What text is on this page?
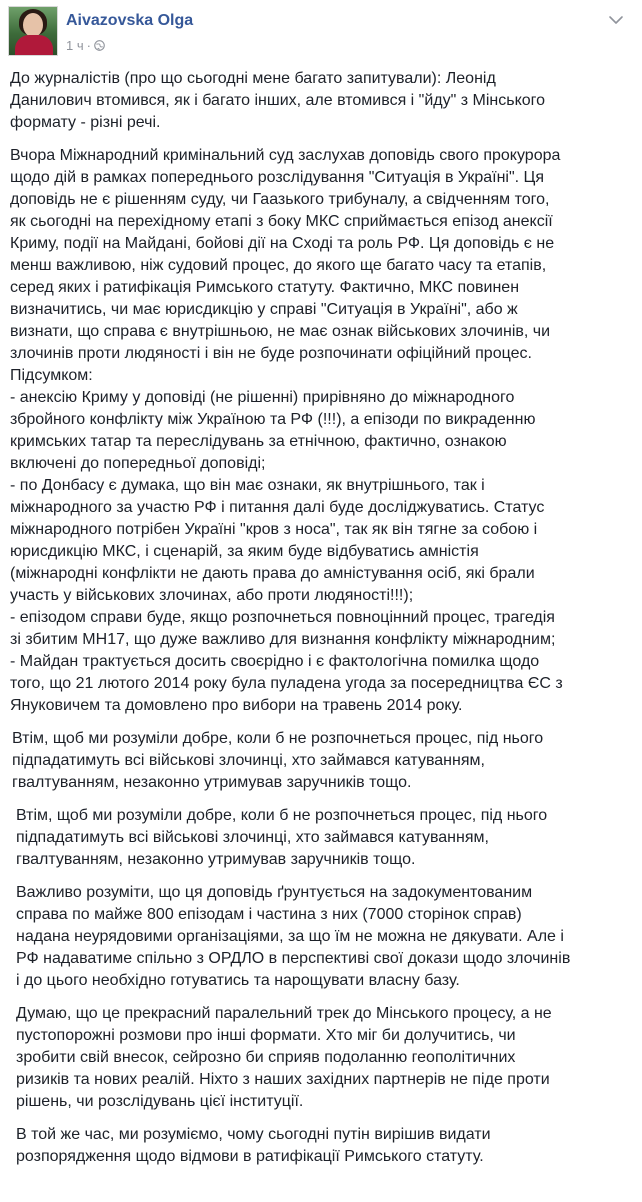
Aivazovska Olga
1 ч ·

До журналістів (про що сьогодні мене багато запитували): Леонід
Данилович втомився, як і багато інших, але втомився і "йду" з Мінського
формату - різні речі.

Вчора Міжнародний кримінальний суд заслухав доповідь свого прокурора
щодо дій в рамках попереднього розслідування "Ситуація в Україні". Ця
доповідь не є рішенням суду, чи Гаазького трибуналу, а свідченням того,
як сьогодні на перехідному етапі з боку МКС сприймається епізод анексії
Криму, події на Майдані, бойові дії на Сході та роль РФ. Ця доповідь є не
менш важливою, ніж судовий процес, до якого ще багато часу та етапів,
серед яких і ратифікація Римського статуту. Фактично, МКС повинен
визначитись, чи має юрисдикцію у справі "Ситуація в Україні", або ж
визнати, що справа є внутрішньою, не має ознак військових злочинів, чи
злочинів проти людяності і він не буде розпочинати офіційний процес.
Підсумком:
- анексію Криму у доповіді (не рішенні) прирівняно до міжнародного
збройного конфлікту між Україною та РФ (!!!), а епізоди по викраденню
кримських татар та переслідувань за етнічною, фактично, ознакою
включені до попередньої доповіді;
- по Донбасу є думака, що він має ознаки, як внутрішнього, так і
міжнародного за участю РФ і питання далі буде досліджуватись. Статус
міжнародного потрібен Україні "кров з носа", так як він тягне за собою і
юрисдикцію МКС, і сценарій, за яким буде відбуватись амністія
(міжнародні конфлікти не дають права до амністування осіб, які брали
участь у військових злочинах, або проти людяності!!!);
- епізодом справи буде, якщо розпочнеться повноцінний процес, трагедія
зі збитим МН17, що дуже важливо для визнання конфлікту міжнародним;
- Майдан трактується досить своєрідно і є фактологічна помилка щодо
того, що 21 лютого 2014 року була пуладена угода за посередництва ЄС з
Януковичем та домовлено про вибори на травень 2014 року.

Втім, щоб ми розуміли добре, коли б не розпочнеться процес, під нього
підпадатимуть всі військові злочинці, хто займався катуванням,
гвалтуванням, незаконно утримував заручників тощо.

Втім, щоб ми розуміли добре, коли б не розпочнеться процес, під нього
підпадатимуть всі військові злочинці, хто займався катуванням,
гвалтуванням, незаконно утримував заручників тощо.

Важливо розуміти, що ця доповідь ґрунтується на задокументованим
справа по майже 800 епізодам і частина з них (7000 сторінок справ)
надана неурядовими організаціями, за що їм не можна не дякувати. Але і
РФ надаватиме спільно з ОРДЛО в перспективі свої докази щодо злочинів
і до цього необхідно готуватись та нарощувати власну базу.

Думаю, що це прекрасний паралельний трек до Мінського процесу, а не
пустопорожні розмови про інші формати. Хто міг би долучитись, чи
зробити свій внесок, сейрозно би сприяв подоланню геополітичних
ризиків та нових реалій. Ніхто з наших західних партнерів не піде проти
рішень, чи розслідувань цієї інституції.

В той же час, ми розуміємо, чому сьогодні путін вирішив видати
розпорядження щодо відмови в ратифікації Римського статуту.
